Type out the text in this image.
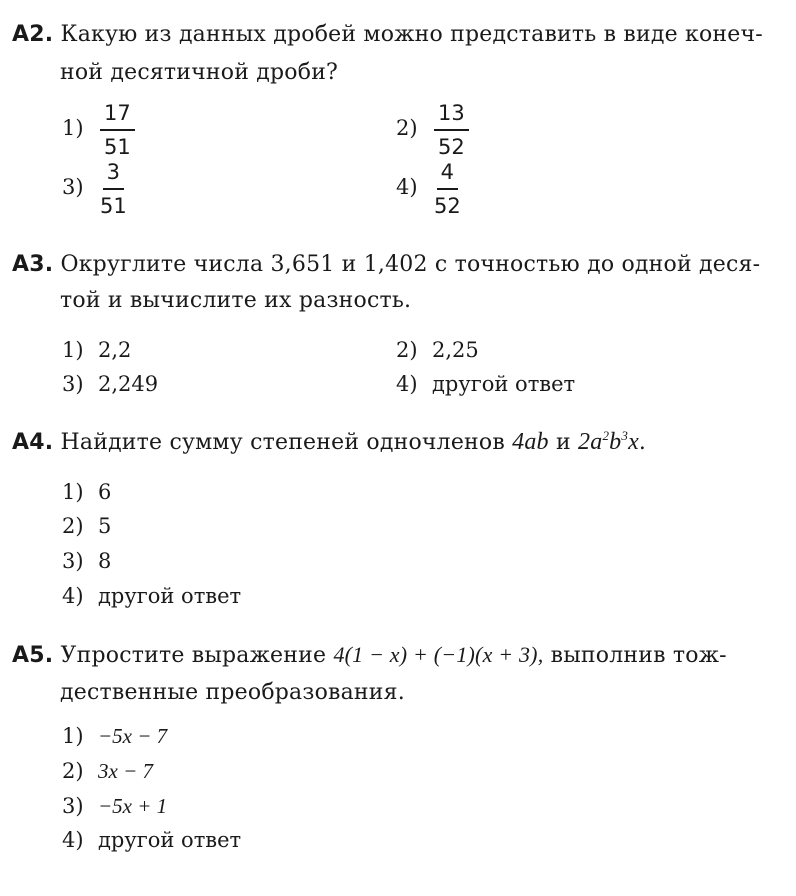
A2. Какую из данных дробей можно представить в виде конеч-
ной десятичной дроби?
$1) \frac{17}{51}$	$2) \frac{13}{52}$
$3) \frac{3}{51}$	$4) \frac{4}{52}$
A3. Округлите числа 3,651 и 1,402 с точностью до одной деся-
той и вычислите их разность.
1) 2,2	2) 2,25
3) 2,249	4) другой ответ
A4. Найдите сумму степеней одночленов 4ab и $2a^2b^3x$.
1) 6
2) 5
3) 8
4) другой ответ
A5. Упростите выражение 4(1 − x) + (−1)(x + 3), выполнив тож-
дественные преобразования.
1) −5x − 7
2) 3x − 7
3) −5x + 1
4) другой ответ
